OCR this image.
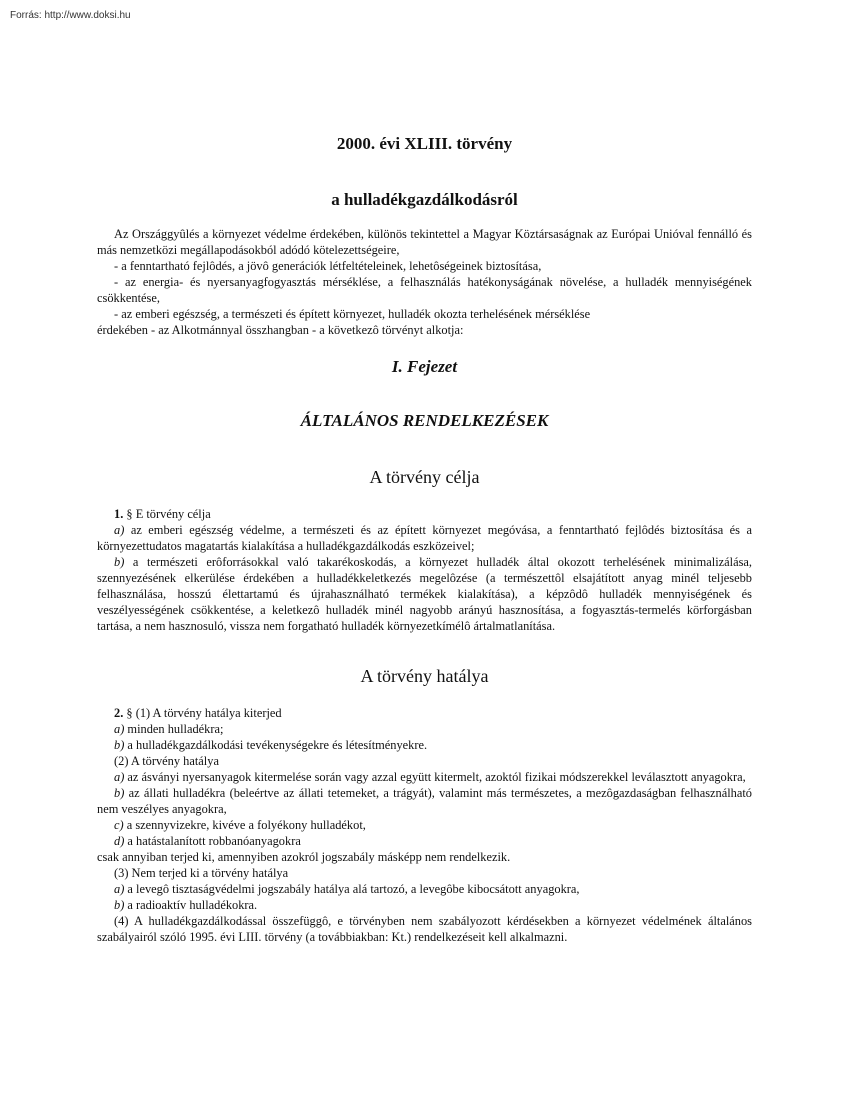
Forrás: http://www.doksi.hu
2000. évi XLIII. törvény
a hulladékgazdálkodásról

Az Országgyûlés a környezet védelme érdekében, különös tekintettel a Magyar Köztársaságnak az Európai Unióval fennálló és más nemzetközi megállapodásokból adódó kötelezettségeire,

- a fenntartható fejlôdés, a jövô generációk létfeltételeinek, lehetôségeinek biztosítása,

- az energia- és nyersanyagfogyasztás mérséklése, a felhasználás hatékonyságának növelése, a hulladék mennyiségének csökkentése,

- az emberi egészség, a természeti és épített környezet, hulladék okozta terhelésének mérséklése

érdekében - az Alkotmánnyal összhangban - a következô törvényt alkotja:

I. Fejezet
ÁLTALÁNOS RENDELKEZÉSEK
A törvény célja

1. § E törvény célja

a) az emberi egészség védelme, a természeti és az épített környezet megóvása, a fenntartható fejlôdés biztosítása és a környezettudatos magatartás kialakítása a hulladékgazdálkodás eszközeivel;

b) a természeti erôforrásokkal való takarékoskodás, a környezet hulladék által okozott terhelésének minimalizálása, szennyezésének elkerülése érdekében a hulladékkeletkezés megelôzése (a természettôl elsajátított anyag minél teljesebb felhasználása, hosszú élettartamú és újrahasználható termékek kialakítása), a képzôdô hulladék mennyiségének és veszélyességének csökkentése, a keletkezô hulladék minél nagyobb arányú hasznosítása, a fogyasztás-termelés körforgásban tartása, a nem hasznosuló, vissza nem forgatható hulladék környezetkímélô ártalmatlanítása.

A törvény hatálya

2. § (1) A törvény hatálya kiterjed

a) minden hulladékra;

b) a hulladékgazdálkodási tevékenységekre és létesítményekre.

(2) A törvény hatálya

a) az ásványi nyersanyagok kitermelése során vagy azzal együtt kitermelt, azoktól fizikai módszerekkel leválasztott anyagokra,

b) az állati hulladékra (beleértve az állati tetemeket, a trágyát), valamint más természetes, a mezôgazdaságban felhasználható nem veszélyes anyagokra,

c) a szennyvizekre, kivéve a folyékony hulladékot,

d) a hatástalanított robbanóanyagokra

csak annyiban terjed ki, amennyiben azokról jogszabály másképp nem rendelkezik.

(3) Nem terjed ki a törvény hatálya

a) a levegô tisztaságvédelmi jogszabály hatálya alá tartozó, a levegôbe kibocsátott anyagokra,

b) a radioaktív hulladékokra.

(4) A hulladékgazdálkodással összefüggô, e törvényben nem szabályozott kérdésekben a környezet védelmének általános szabályairól szóló 1995. évi LIII. törvény (a továbbiakban: Kt.) rendelkezéseit kell alkalmazni.
